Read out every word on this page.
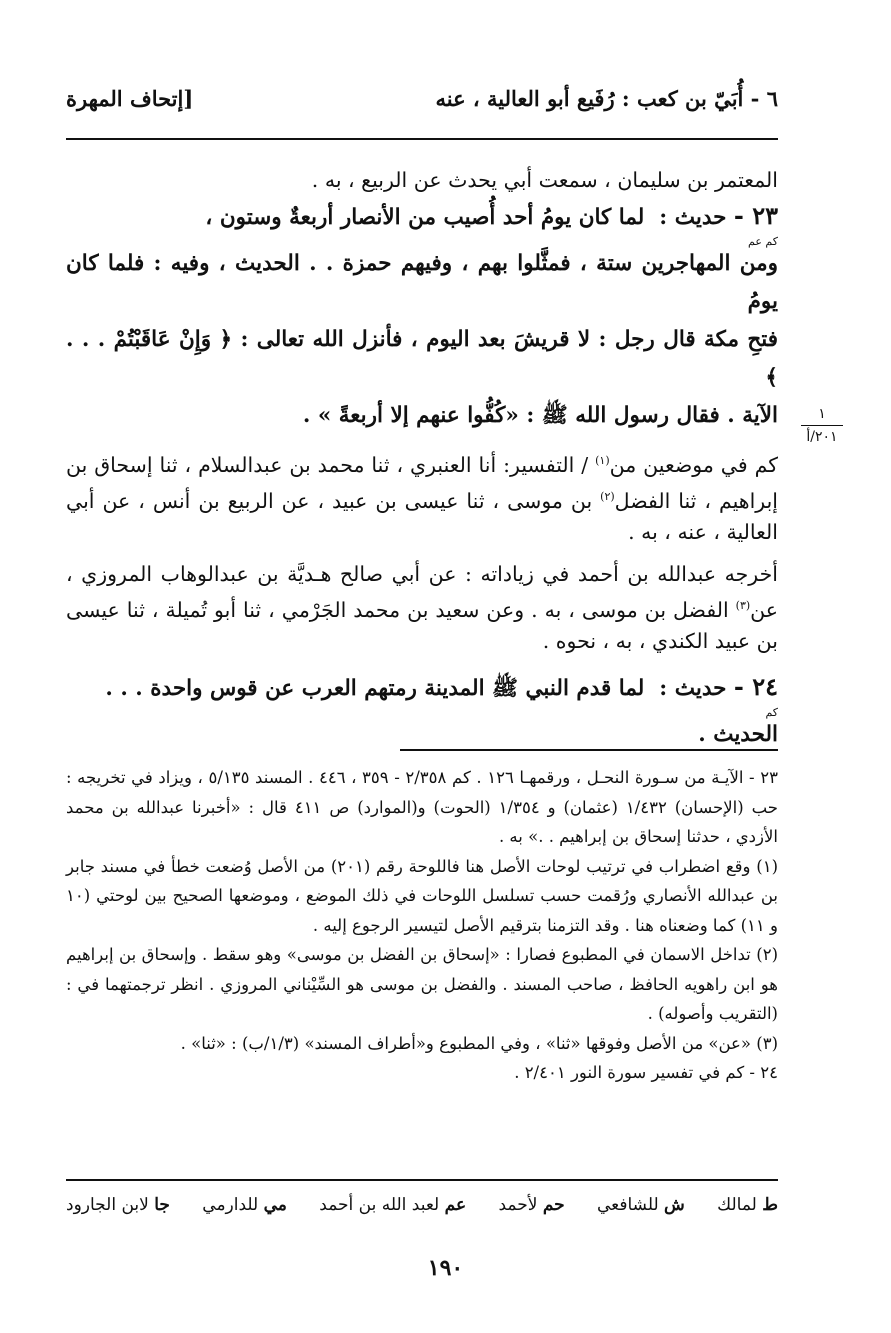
٦ - أُبَيّ بن كعب : رُفَيع أبو العالية ، عنه
[إتحاف المهرة

المعتمر بن سليمان ، سمعت أبي يحدث عن الربيع ، به .

٢٣ - حديث :  لما كان يومُ أحد أُصيب من الأنصار أربعةٌ وستون ،

كم عم

ومن المهاجرين ستة ، فمثَّلوا بهم ، وفيهم حمزة . . الحديث ، وفيه : فلما كان يومُ

فتحِ مكة قال رجل : لا قريشَ بعد اليوم ، فأنزل الله تعالى : ﴿ وَإِنْ عَاقَبْتُمْ . . . ﴾

الآية . فقال رسول الله ﷺ : «كُفُّوا عنهم إلا أربعةً » .

كم في موضعين من$^{(١)}$ / التفسير: أنا العنبري ، ثنا محمد بن عبدالسلام ، ثنا إسحاق بن إبراهيم ، ثنا الفضل$^{(٢)}$ بن موسى ، ثنا عيسى بن عبيد ، عن الربيع بن أنس ، عن أبي العالية ، عنه ، به .

أخرجه عبدالله بن أحمد في زياداته : عن أبي صالح هـديَّة بن عبدالوهاب المروزي ، عن$^{(٣)}$ الفضل بن موسى ، به . وعن سعيد بن محمد الجَرْمي ، ثنا أبو تُميلة ، ثنا عيسى بن عبيد الكندي ، به ، نحوه .

٢٤ - حديث :  لما قدم النبي ﷺ المدينة رمتهم العرب عن قوس واحدة . . .

كم

الحديث .

١
٢٠١/أ

٢٣ - الآيـة من سـورة النحـل ، ورقمهـا ١٢٦ . كم ٢/٣٥٨ - ٣٥٩ ، ٤٤٦ . المسند ٥/١٣٥ ، ويزاد في تخريجه : حب (الإحسان) ١/٤٣٢ (عثمان) و ١/٣٥٤ (الحوت) و(الموارد) ص ٤١١ قال : «أخبرنا عبدالله بن محمد الأزدي ، حدثنا إسحاق بن إبراهيم . .» به .

(١) وقع اضطراب في ترتيب لوحات الأصل هنا فاللوحة رقم (٢٠١) من الأصل وُضعت خطأ في مسند جابر بن عبدالله الأنصاري ورُقمت حسب تسلسل اللوحات في ذلك الموضع ، وموضعها الصحيح بين لوحتي (١٠ و ١١) كما وضعناه هنا . وقد التزمنا بترقيم الأصل لتيسير الرجوع إليه .

(٢) تداخل الاسمان في المطبوع فصارا : «إسحاق بن الفضل بن موسى» وهو سقط . وإسحاق بن إبراهيم هو ابن راهويه الحافظ ، صاحب المسند . والفضل بن موسى هو السِّيْناني المروزي . انظر ترجمتهما في : (التقريب وأصوله) .

(٣) «عن» من الأصل وفوقها «ثنا» ، وفي المطبوع و«أطراف المسند» (١/٣/ب) : «ثنا» .

٢٤ - كم في تفسير سورة النور ٢/٤٠١ .

ط لمالك
ش للشافعي
حم لأحمد
عم لعبد الله بن أحمد
مي للدارمي
جا لابن الجارود
١٩٠
